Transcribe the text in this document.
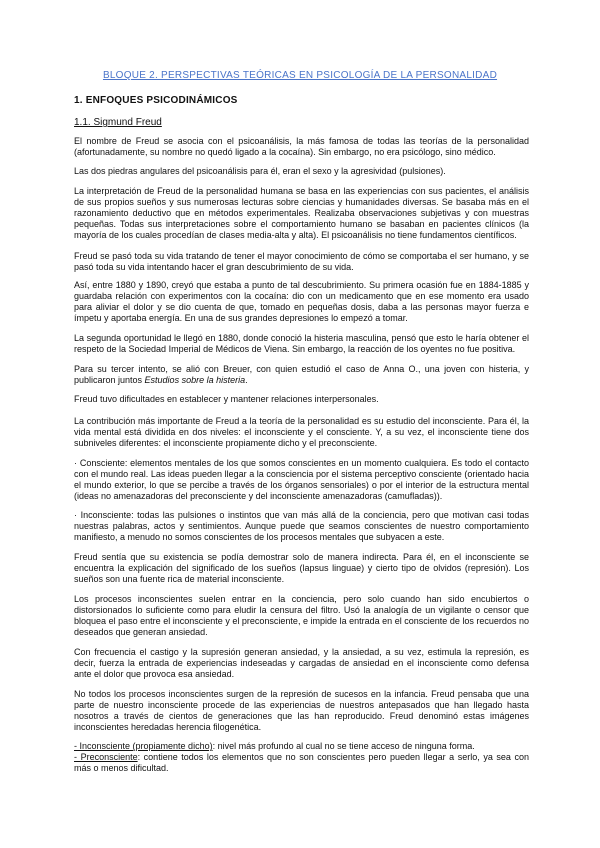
BLOQUE 2. PERSPECTIVAS TEÓRICAS EN PSICOLOGÍA DE LA PERSONALIDAD
1. ENFOQUES PSICODINÁMICOS
1.1. Sigmund Freud

El nombre de Freud se asocia con el psicoanálisis, la más famosa de todas las teorías de la personalidad (afortunadamente, su nombre no quedó ligado a la cocaína). Sin embargo, no era psicólogo, sino médico.

Las dos piedras angulares del psicoanálisis para él, eran el sexo y la agresividad (pulsiones).

La interpretación de Freud de la personalidad humana se basa en las experiencias con sus pacientes, el análisis de sus propios sueños y sus numerosas lecturas sobre ciencias y humanidades diversas. Se basaba más en el razonamiento deductivo que en métodos experimentales. Realizaba observaciones subjetivas y con muestras pequeñas. Todas sus interpretaciones sobre el comportamiento humano se basaban en pacientes clínicos (la mayoría de los cuales procedían de clases media-alta y alta). El psicoanálisis no tiene fundamentos científicos.

Freud se pasó toda su vida tratando de tener el mayor conocimiento de cómo se comportaba el ser humano, y se pasó toda su vida intentando hacer el gran descubrimiento de su vida.

Así, entre 1880 y 1890, creyó que estaba a punto de tal descubrimiento. Su primera ocasión fue en 1884-1885 y guardaba relación con experimentos con la cocaína: dio con un medicamento que en ese momento era usado para aliviar el dolor y se dio cuenta de que, tomado en pequeñas dosis, daba a las personas mayor fuerza e ímpetu y aportaba energía. En una de sus grandes depresiones lo empezó a tomar.

La segunda oportunidad le llegó en 1880, donde conoció la histeria masculina, pensó que esto le haría obtener el respeto de la Sociedad Imperial de Médicos de Viena. Sin embargo, la reacción de los oyentes no fue positiva.

Para su tercer intento, se alió con Breuer, con quien estudió el caso de Anna O., una joven con histeria, y publicaron juntos Estudios sobre la histeria.

Freud tuvo dificultades en establecer y mantener relaciones interpersonales.

La contribución más importante de Freud a la teoría de la personalidad es su estudio del inconsciente. Para él, la vida mental está dividida en dos niveles: el inconsciente y el consciente. Y, a su vez, el inconsciente tiene dos subniveles diferentes: el inconsciente propiamente dicho y el preconsciente.

· Consciente: elementos mentales de los que somos conscientes en un momento cualquiera. Es todo el contacto con el mundo real. Las ideas pueden llegar a la consciencia por el sistema perceptivo consciente (orientado hacia el mundo exterior, lo que se percibe a través de los órganos sensoriales) o por el interior de la estructura mental (ideas no amenazadoras del preconsciente y del inconsciente amenazadoras (camufladas)).

· Inconsciente: todas las pulsiones o instintos que van más allá de la conciencia, pero que motivan casi todas nuestras palabras, actos y sentimientos. Aunque puede que seamos conscientes de nuestro comportamiento manifiesto, a menudo no somos conscientes de los procesos mentales que subyacen a este.

Freud sentía que su existencia se podía demostrar solo de manera indirecta. Para él, en el inconsciente se encuentra la explicación del significado de los sueños (lapsus linguae) y cierto tipo de olvidos (represión). Los sueños son una fuente rica de material inconsciente.

Los procesos inconscientes suelen entrar en la conciencia, pero solo cuando han sido encubiertos o distorsionados lo suficiente como para eludir la censura del filtro. Usó la analogía de un vigilante o censor que bloquea el paso entre el inconsciente y el preconsciente, e impide la entrada en el consciente de los recuerdos no deseados que generan ansiedad.

Con frecuencia el castigo y la supresión generan ansiedad, y la ansiedad, a su vez, estimula la represión, es decir, fuerza la entrada de experiencias indeseadas y cargadas de ansiedad en el inconsciente como defensa ante el dolor que provoca esa ansiedad.

No todos los procesos inconscientes surgen de la represión de sucesos en la infancia. Freud pensaba que una parte de nuestro inconsciente procede de las experiencias de nuestros antepasados que han llegado hasta nosotros a través de cientos de generaciones que las han reproducido. Freud denominó estas imágenes inconscientes heredadas herencia filogenética.

- Inconsciente (propiamente dicho): nivel más profundo al cual no se tiene acceso de ninguna forma.

- Preconsciente: contiene todos los elementos que no son conscientes pero pueden llegar a serlo, ya sea con más o menos dificultad.
